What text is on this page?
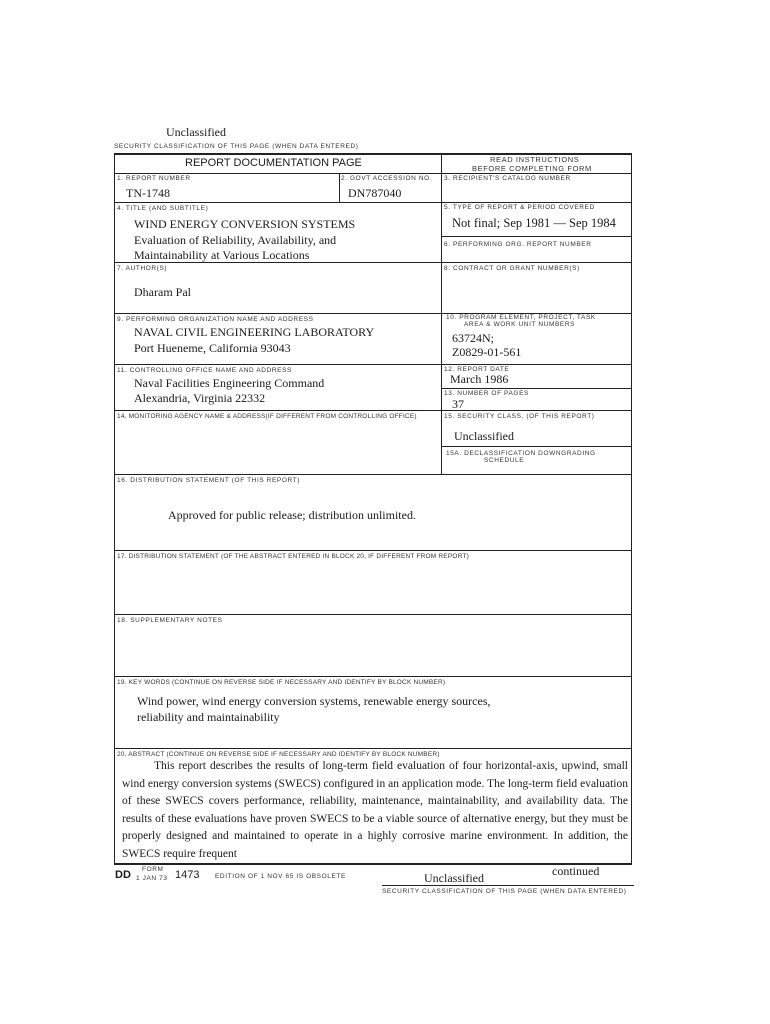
Unclassified
SECURITY CLASSIFICATION OF THIS PAGE (WHEN DATA ENTERED)
REPORT DOCUMENTATION PAGE	READ INSTRUCTIONS
BEFORE COMPLETING FORM
1. REPORT NUMBER
TN-1748
2. GOVT ACCESSION NO.
DN787040
3. RECIPIENT'S CATALOG NUMBER
4. TITLE (AND SUBTITLE)
WIND ENERGY CONVERSION SYSTEMS
Evaluation of Reliability, Availability, and
Maintainability at Various Locations
5. TYPE OF REPORT & PERIOD COVERED
Not final; Sep 1981 — Sep 1984
6. PERFORMING ORG. REPORT NUMBER
7. AUTHOR(S)
Dharam Pal
8. CONTRACT OR GRANT NUMBER(S)
9. PERFORMING ORGANIZATION NAME AND ADDRESS
NAVAL CIVIL ENGINEERING LABORATORY
Port Hueneme, California 93043
10. PROGRAM ELEMENT, PROJECT, TASK
AREA & WORK UNIT NUMBERS
63724N;
Z0829-01-561
11. CONTROLLING OFFICE NAME AND ADDRESS
Naval Facilities Engineering Command
Alexandria, Virginia 22332
12. REPORT DATE
March 1986
13. NUMBER OF PAGES
37
14. MONITORING AGENCY NAME & ADDRESS(IF DIFFERENT FROM CONTROLLING OFFICE)	15. SECURITY CLASS. (OF THIS REPORT)
Unclassified
15A. DECLASSIFICATION DOWNGRADING
SCHEDULE
16. DISTRIBUTION STATEMENT (OF THIS REPORT)
Approved for public release; distribution unlimited.
17. DISTRIBUTION STATEMENT (OF THE ABSTRACT ENTERED IN BLOCK 20, IF DIFFERENT FROM REPORT)
18. SUPPLEMENTARY NOTES
19. KEY WORDS (CONTINUE ON REVERSE SIDE IF NECESSARY AND IDENTIFY BY BLOCK NUMBER)
Wind power, wind energy conversion systems, renewable energy sources,
reliability and maintainability
20. ABSTRACT (CONTINUE ON REVERSE SIDE IF NECESSARY AND IDENTIFY BY BLOCK NUMBER)

This report describes the results of long-term field evaluation of four horizontal-axis, upwind, small wind energy conversion systems (SWECS) configured in an application mode. The long-term field evaluation of these SWECS covers performance, reliability, maintenance, maintainability, and availability data. The results of these evaluations have proven SWECS to be a viable source of alternative energy, but they must be properly designed and maintained to operate in a highly corrosive marine environment. In addition, the SWECS require frequent

DD FORM
1 JAN 73 1473 EDITION OF 1 NOV 65 IS OBSOLETE	continued
Unclassified
SECURITY CLASSIFICATION OF THIS PAGE (WHEN DATA ENTERED)
